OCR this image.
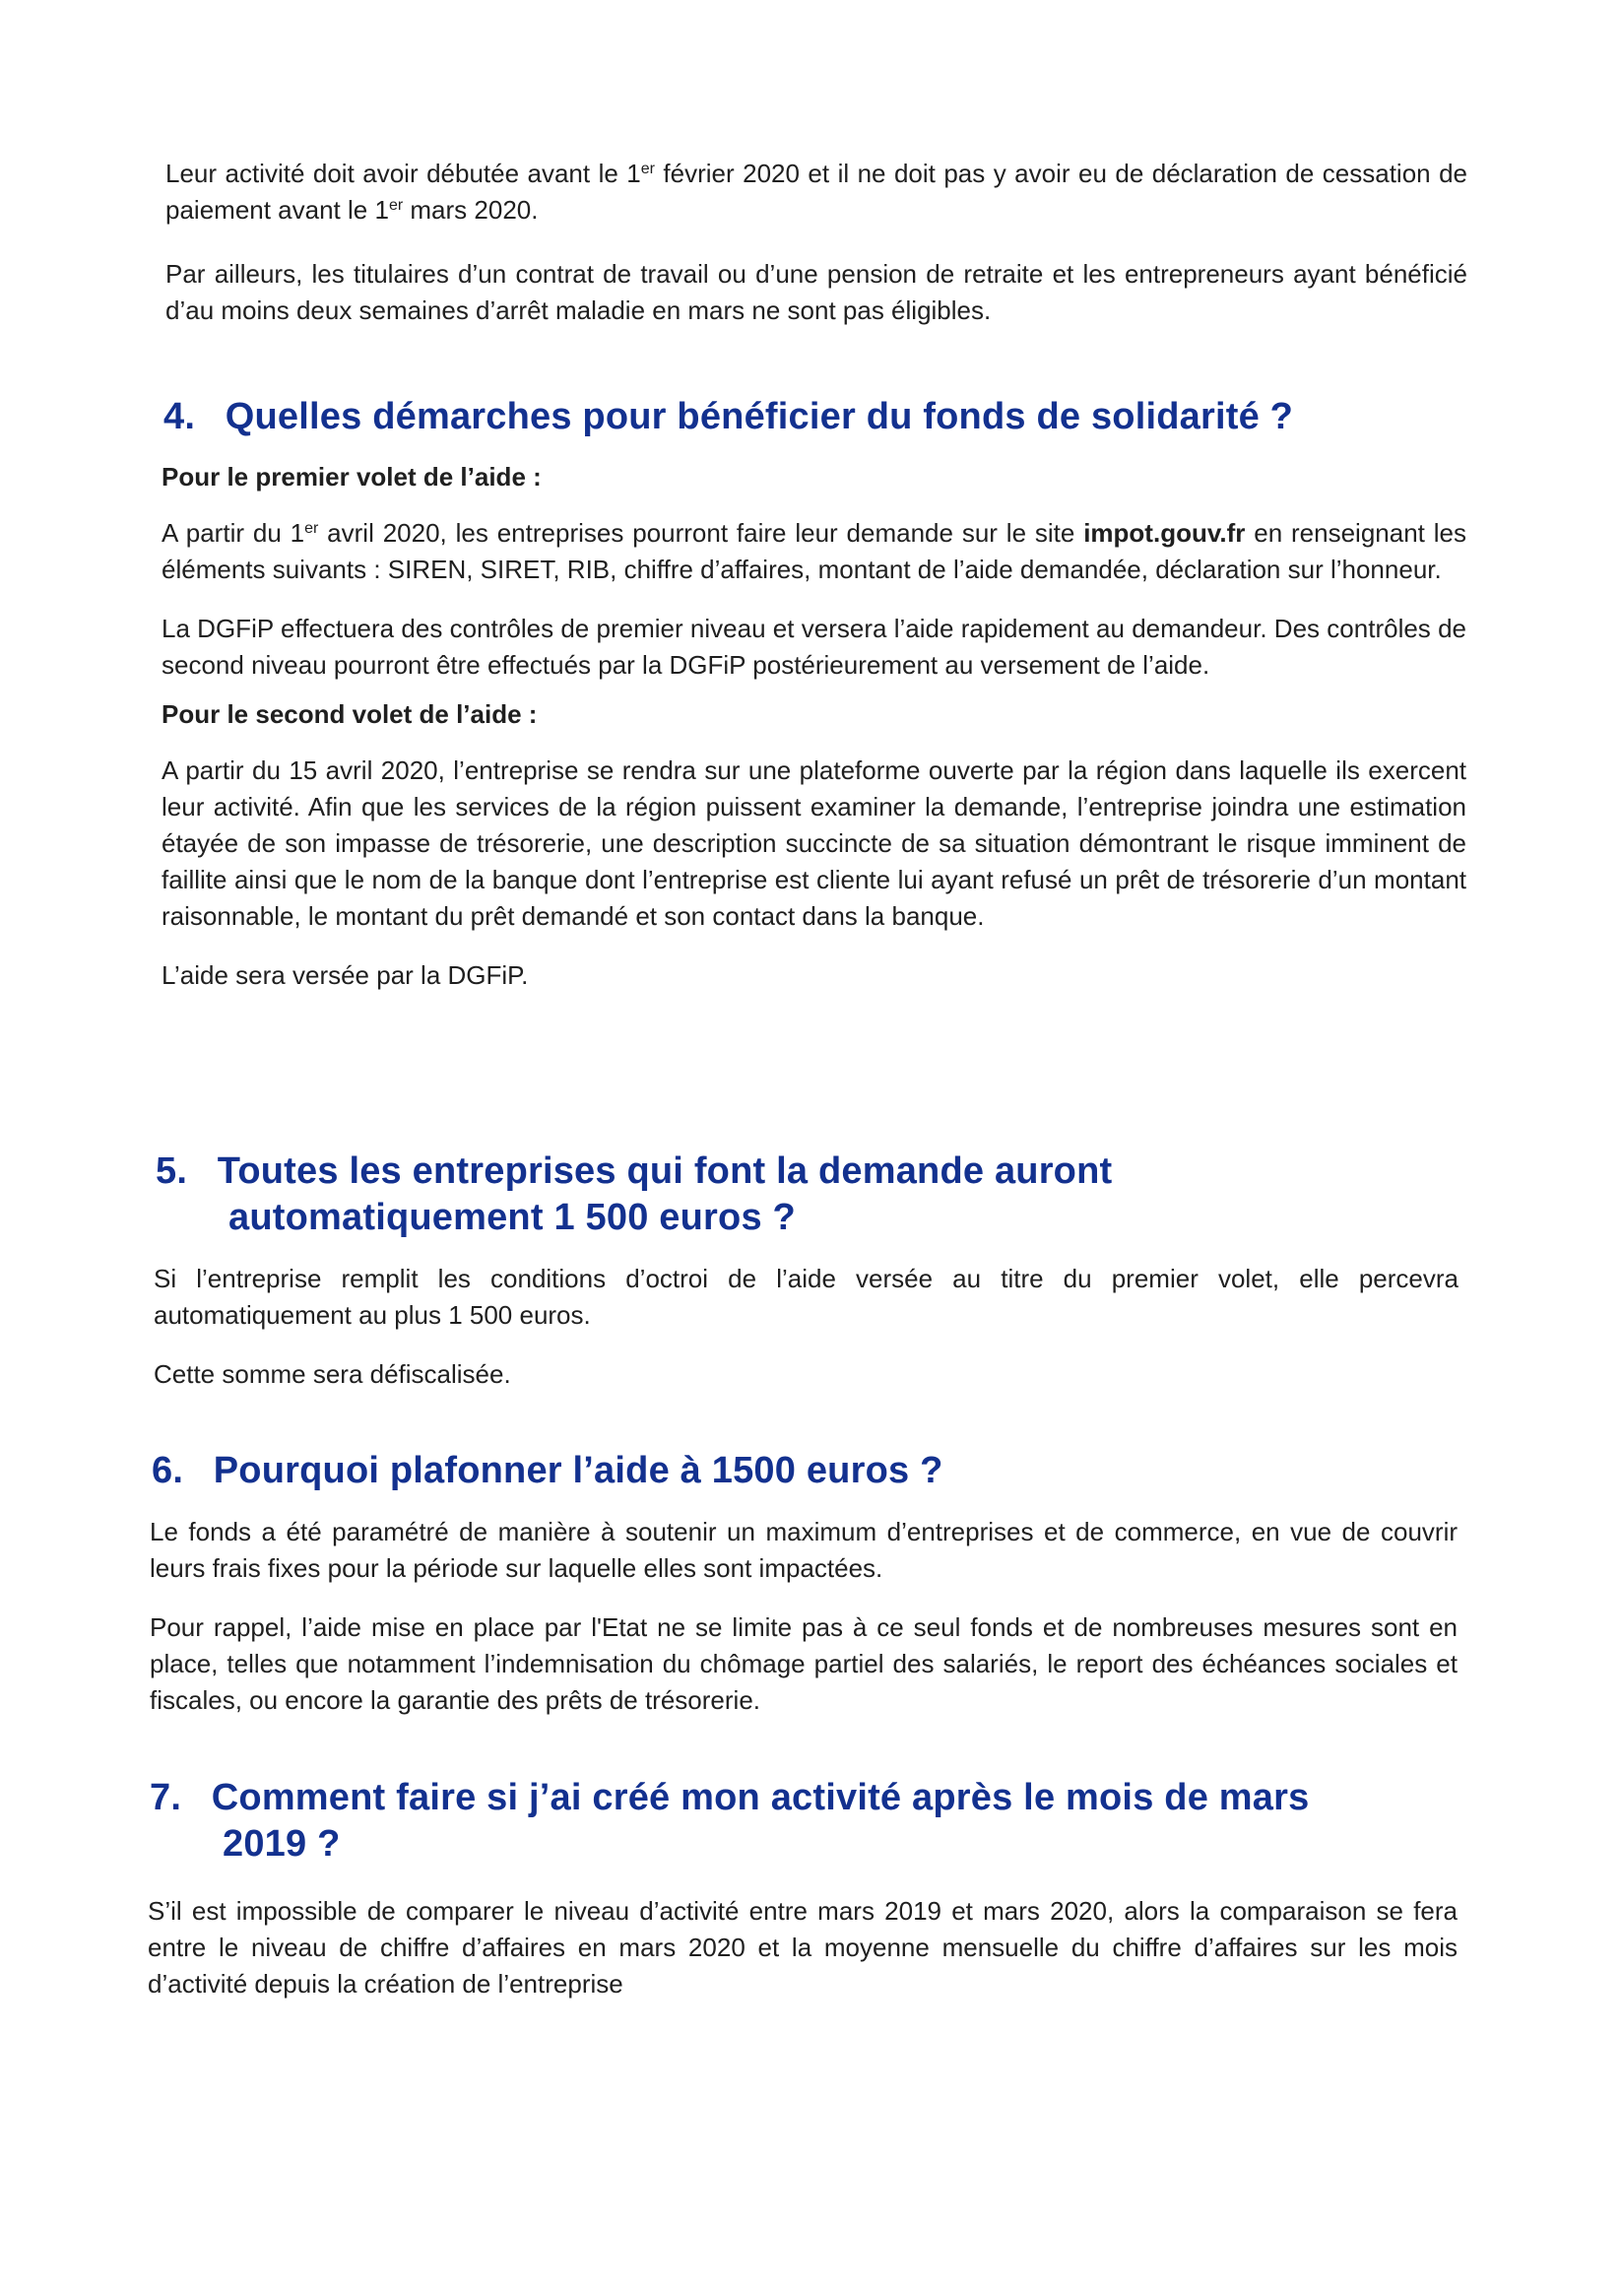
Leur activité doit avoir débutée avant le 1er février 2020 et il ne doit pas y avoir eu de déclaration de cessation de paiement avant le 1er mars 2020.

Par ailleurs, les titulaires d’un contrat de travail ou d’une pension de retraite et les entrepreneurs ayant bénéficié d’au moins deux semaines d’arrêt maladie en mars ne sont pas éligibles.

4. Quelles démarches pour bénéficier du fonds de solidarité ?
Pour le premier volet de l’aide :

A partir du 1er avril 2020, les entreprises pourront faire leur demande sur le site impot.gouv.fr en renseignant les éléments suivants : SIREN, SIRET, RIB, chiffre d’affaires, montant de l’aide demandée, déclaration sur l’honneur.

La DGFiP effectuera des contrôles de premier niveau et versera l’aide rapidement au demandeur. Des contrôles de second niveau pourront être effectués par la DGFiP postérieurement au versement de l’aide.

Pour le second volet de l’aide :

A partir du 15 avril 2020, l’entreprise se rendra sur une plateforme ouverte par la région dans laquelle ils exercent leur activité. Afin que les services de la région puissent examiner la demande, l’entreprise joindra une estimation étayée de son impasse de trésorerie, une description succincte de sa situation démontrant le risque imminent de faillite ainsi que le nom de la banque dont l’entreprise est cliente lui ayant refusé un prêt de trésorerie d’un montant raisonnable, le montant du prêt demandé et son contact dans la banque.

L’aide sera versée par la DGFiP.

5. Toutes les entreprises qui font la demande auront
automatiquement 1 500 euros ?

Si l’entreprise remplit les conditions d’octroi de l’aide versée au titre du premier volet, elle percevra automatiquement au plus 1 500 euros.

Cette somme sera défiscalisée.

6. Pourquoi plafonner l’aide à 1500 euros ?

Le fonds a été paramétré de manière à soutenir un maximum d’entreprises et de commerce, en vue de couvrir leurs frais fixes pour la période sur laquelle elles sont impactées.

Pour rappel, l’aide mise en place par l'Etat ne se limite pas à ce seul fonds et de nombreuses mesures sont en place, telles que notamment l’indemnisation du chômage partiel des salariés, le report des échéances sociales et fiscales, ou encore la garantie des prêts de trésorerie.

7. Comment faire si j’ai créé mon activité après le mois de mars
2019 ?

S’il est impossible de comparer le niveau d’activité entre mars 2019 et mars 2020, alors la comparaison se fera entre le niveau de chiffre d’affaires en mars 2020 et la moyenne mensuelle du chiffre d’affaires sur les mois d’activité depuis la création de l’entreprise
